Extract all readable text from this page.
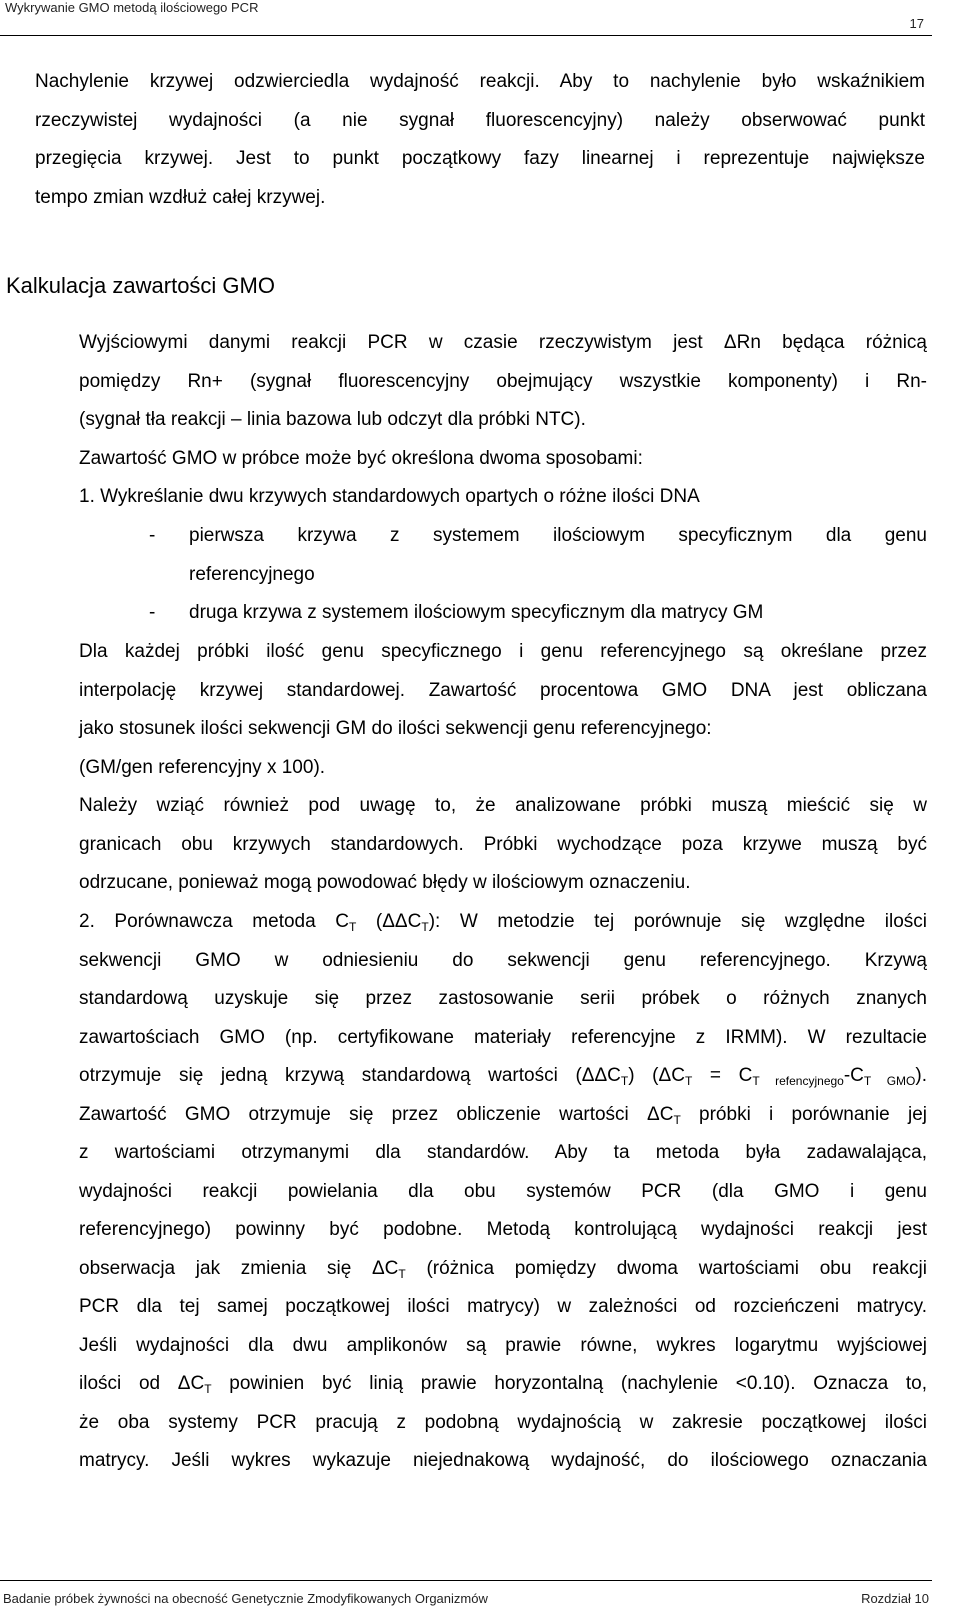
Wykrywanie GMO metodą ilościowego PCR
17
Nachylenie krzywej odzwierciedla wydajność reakcji. Aby to nachylenie było wskaźnikiem
rzeczywistej wydajności (a nie sygnał fluorescencyjny) należy obserwować punkt
przegięcia krzywej. Jest to punkt początkowy fazy linearnej i reprezentuje największe
tempo zmian wzdłuż całej krzywej.
Kalkulacja zawartości GMO
Wyjściowymi danymi reakcji PCR w czasie rzeczywistym jest ΔRn będąca różnicą
pomiędzy Rn+ (sygnał fluorescencyjny obejmujący wszystkie komponenty) i Rn-
(sygnał tła reakcji – linia bazowa lub odczyt dla próbki NTC).
Zawartość GMO w próbce może być określona dwoma sposobami:
1. Wykreślanie dwu krzywych standardowych opartych o różne ilości DNA
- pierwsza krzywa z systemem ilościowym specyficznym dla genu
referencyjnego
- druga krzywa z systemem ilościowym specyficznym dla matrycy GM
Dla każdej próbki ilość genu specyficznego i genu referencyjnego są określane przez
interpolację krzywej standardowej. Zawartość procentowa GMO DNA jest obliczana
jako stosunek ilości sekwencji GM do ilości sekwencji genu referencyjnego:
(GM/gen referencyjny x 100).
Należy wziąć również pod uwagę to, że analizowane próbki muszą mieścić się w
granicach obu krzywych standardowych. Próbki wychodzące poza krzywe muszą być
odrzucane, ponieważ mogą powodować błędy w ilościowym oznaczeniu.
2. Porównawcza metoda $C_T$ $(\Delta\Delta C_T)$: W metodzie tej porównuje się względne ilości
sekwencji GMO w odniesieniu do sekwencji genu referencyjnego. Krzywą
standardową uzyskuje się przez zastosowanie serii próbek o różnych znanych
zawartościach GMO (np. certyfikowane materiały referencyjne z IRMM). W rezultacie
otrzymuje się jedną krzywą standardową wartości $(\Delta\Delta C_T) (\Delta C_T = C_{T refencyjnego}-C_{T GMO})$.
Zawartość GMO otrzymuje się przez obliczenie wartości $\Delta C_T$ próbki i porównanie jej
z wartościami otrzymanymi dla standardów. Aby ta metoda była zadawalająca,
wydajności reakcji powielania dla obu systemów PCR (dla GMO i genu
referencyjnego) powinny być podobne. Metodą kontrolującą wydajności reakcji jest
obserwacja jak zmienia się $\Delta C_T$ (różnica pomiędzy dwoma wartościami obu reakcji
PCR dla tej samej początkowej ilości matrycy) w zależności od rozcieńczeni matrycy.
Jeśli wydajności dla dwu amplikonów są prawie równe, wykres logarytmu wyjściowej
ilości od $\Delta C_T$ powinien być linią prawie horyzontalną (nachylenie <0.10). Oznacza to,
że oba systemy PCR pracują z podobną wydajnością w zakresie początkowej ilości
matrycy. Jeśli wykres wykazuje niejednakową wydajność, do ilościowego oznaczania
Badanie próbek żywności na obecność Genetycznie Zmodyfikowanych Organizmów	Rozdział 10
